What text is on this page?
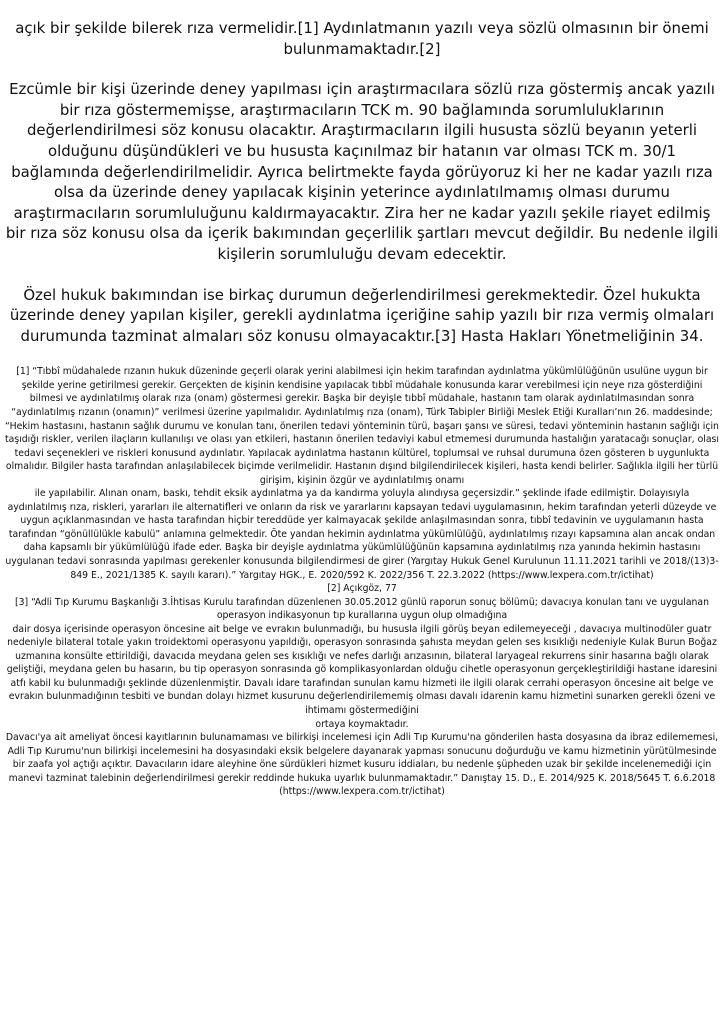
açık bir şekilde bilerek rıza vermelidir.[1] Aydınlatmanın yazılı veya sözlü olmasının bir önemi bulunmamaktadır.[2]

Ezcümle bir kişi üzerinde deney yapılması için araştırmacılara sözlü rıza göstermiş ancak yazılı bir rıza göstermemişse, araştırmacıların TCK m. 90 bağlamında sorumluluklarının değerlendirilmesi söz konusu olacaktır. Araştırmacıların ilgili hususta sözlü beyanın yeterli olduğunu düşündükleri ve bu hususta kaçınılmaz bir hatanın var olması TCK m. 30/1 bağlamında değerlendirilmelidir. Ayrıca belirtmekte fayda görüyoruz ki her ne kadar yazılı rıza olsa da üzerinde deney yapılacak kişinin yeterince aydınlatılmamış olması durumu araştırmacıların sorumluluğunu kaldırmayacaktır. Zira her ne kadar yazılı şekile riayet edilmiş bir rıza söz konusu olsa da içerik bakımından geçerlilik şartları mevcut değildir. Bu nedenle ilgili kişilerin sorumluluğu devam edecektir.

Özel hukuk bakımından ise birkaç durumun değerlendirilmesi gerekmektedir. Özel hukukta üzerinde deney yapılan kişiler, gerekli aydınlatma içeriğine sahip yazılı bir rıza vermiş olmaları durumunda tazminat almaları söz konusu olmayacaktır.[3] Hasta Hakları Yönetmeliğinin 34.

[1] “Tıbbî müdahalede rızanın hukuk düzeninde geçerli olarak yerini alabilmesi için hekim tarafından aydınlatma yükümlülüğünün usulüne uygun bir şekilde yerine getirilmesi gerekir. Gerçekten de kişinin kendisine yapılacak tıbbî müdahale konusunda karar verebilmesi için neye rıza gösterdiğini bilmesi ve aydınlatılmış olarak rıza (onam) göstermesi gerekir. Başka bir deyişle tıbbî müdahale, hastanın tam olarak aydınlatılmasından sonra “aydınlatılmış rızanın (onamın)” verilmesi üzerine yapılmalıdır. Aydınlatılmış rıza (onam), Türk Tabipler Birliği Meslek Etiği Kuralları’nın 26. maddesinde; “Hekim hastasını, hastanın sağlık durumu ve konulan tanı, önerilen tedavi yönteminin türü, başarı şansı ve süresi, tedavi yönteminin hastanın sağlığı için taşıdığı riskler, verilen ilaçların kullanılışı ve olası yan etkileri, hastanın önerilen tedaviyi kabul etmemesi durumunda hastalığın yaratacağı sonuçlar, olası tedavi seçenekleri ve riskleri konusund aydınlatır. Yapılacak aydınlatma hastanın kültürel, toplumsal ve ruhsal durumuna özen gösteren b uygunlukta olmalıdır. Bilgiler hasta tarafından anlaşılabilecek biçimde verilmelidir. Hastanın dışınd bilgilendirilecek kişileri, hasta kendi belirler. Sağlıkla ilgili her türlü girişim, kişinin özgür ve aydınlatılmış onamı

ile yapılabilir. Alınan onam, baskı, tehdit eksik aydınlatma ya da kandırma yoluyla alındıysa geçersizdir.” şeklinde ifade edilmiştir. Dolayısıyla aydınlatılmış rıza, riskleri, yararları ile alternatifleri ve onların da risk ve yararlarını kapsayan tedavi uygulamasının, hekim tarafından yeterli düzeyde ve uygun açıklanmasından ve hasta tarafından hiçbir tereddüde yer kalmayacak şekilde anlaşılmasından sonra, tıbbî tedavinin ve uygulamanın hasta tarafından “gönüllülükle kabulü” anlamına gelmektedir. Öte yandan hekimin aydınlatma yükümlülüğü, aydınlatılmış rızayı kapsamına alan ancak ondan daha kapsamlı bir yükümlülüğü ifade eder. Başka bir deyişle aydınlatma yükümlülüğünün kapsamına aydınlatılmış rıza yanında hekimin hastasını uygulanan tedavi sonrasında yapılması gerekenler konusunda bilgilendirmesi de girer (Yargıtay Hukuk Genel Kurulunun 11.11.2021 tarihli ve 2018/(13)3-849 E., 2021/1385 K. sayılı kararı).” Yargıtay HGK., E. 2020/592 K. 2022/356 T. 22.3.2022 (https://www.lexpera.com.tr/ictihat)

[2] Açıkgöz, 77

[3] “Adli Tıp Kurumu Başkanlığı 3.İhtisas Kurulu tarafından düzenlenen 30.05.2012 günlü raporun sonuç bölümü; davacıya konulan tanı ve uygulanan operasyon indikasyonun tıp kurallarına uygun olup olmadığına

dair dosya içerisinde operasyon öncesine ait belge ve evrakın bulunmadığı, bu hususla ilgili görüş beyan edilemeyeceği , davacıya multinodüler guatr nedeniyle bilateral totale yakın troidektomi operasyonu yapıldığı, operasyon sonrasında şahısta meydan gelen ses kısıklığı nedeniyle Kulak Burun Boğaz uzmanına konsülte ettirildiği, davacıda meydana gelen ses kısıklığı ve nefes darlığı arızasının, bilateral laryageal rekurrens sinir hasarına bağlı olarak geliştiği, meydana gelen bu hasarın, bu tip operasyon sonrasında gö komplikasyonlardan olduğu cihetle operasyonun gerçekleştirildiği hastane idaresini atfı kabil ku bulunmadığı şeklinde düzenlenmiştir. Davalı idare tarafından sunulan kamu hizmeti ile ilgili olarak cerrahi operasyon öncesine ait belge ve evrakın bulunmadığının tesbiti ve bundan dolayı hizmet kusurunu değerlendirilememiş olması davalı idarenin kamu hizmetini sunarken gerekli özeni ve ihtimamı göstermediğini

ortaya koymaktadır.

Davacı'ya ait ameliyat öncesi kayıtlarının bulunamaması ve bilirkişi incelemesi için Adli Tıp Kurumu'na gönderilen hasta dosyasına da ibraz edilememesi, Adli Tıp Kurumu'nun bilirkişi incelemesini ha dosyasındaki eksik belgelere dayanarak yapması sonucunu doğurduğu ve kamu hizmetinin yürütülmesinde

bir zaafa yol açtığı açıktır. Davacıların idare aleyhine öne sürdükleri hizmet kusuru iddiaları, bu nedenle şüpheden uzak bir şekilde incelenemediği için manevi tazminat talebinin değerlendirilmesi gerekir reddinde hukuka uyarlık bulunmamaktadır.” Danıştay 15. D., E. 2014/925 K. 2018/5645 T. 6.6.2018 (https://www.lexpera.com.tr/ictihat)
